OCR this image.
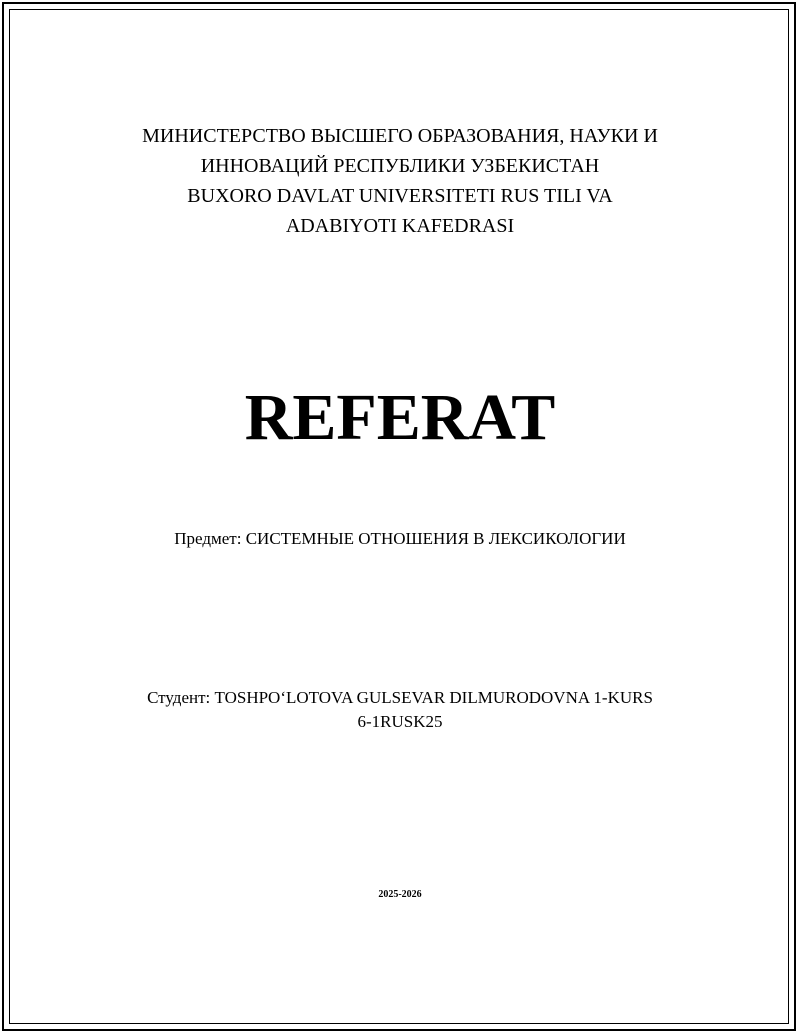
МИНИСТЕРСТВО ВЫСШЕГО ОБРАЗОВАНИЯ, НАУКИ И
ИННОВАЦИЙ РЕСПУБЛИКИ УЗБЕКИСТАН
BUXORO DAVLAT UNIVERSITETI RUS TILI VA
ADABIYOTI KAFEDRASI
REFERAT
Предмет: СИСТЕМНЫЕ ОТНОШЕНИЯ В ЛЕКСИКОЛОГИИ
Студент: TOSHPO‘LOTOVA GULSEVAR DILMURODOVNA 1-KURS
6-1RUSK25
2025-2026
